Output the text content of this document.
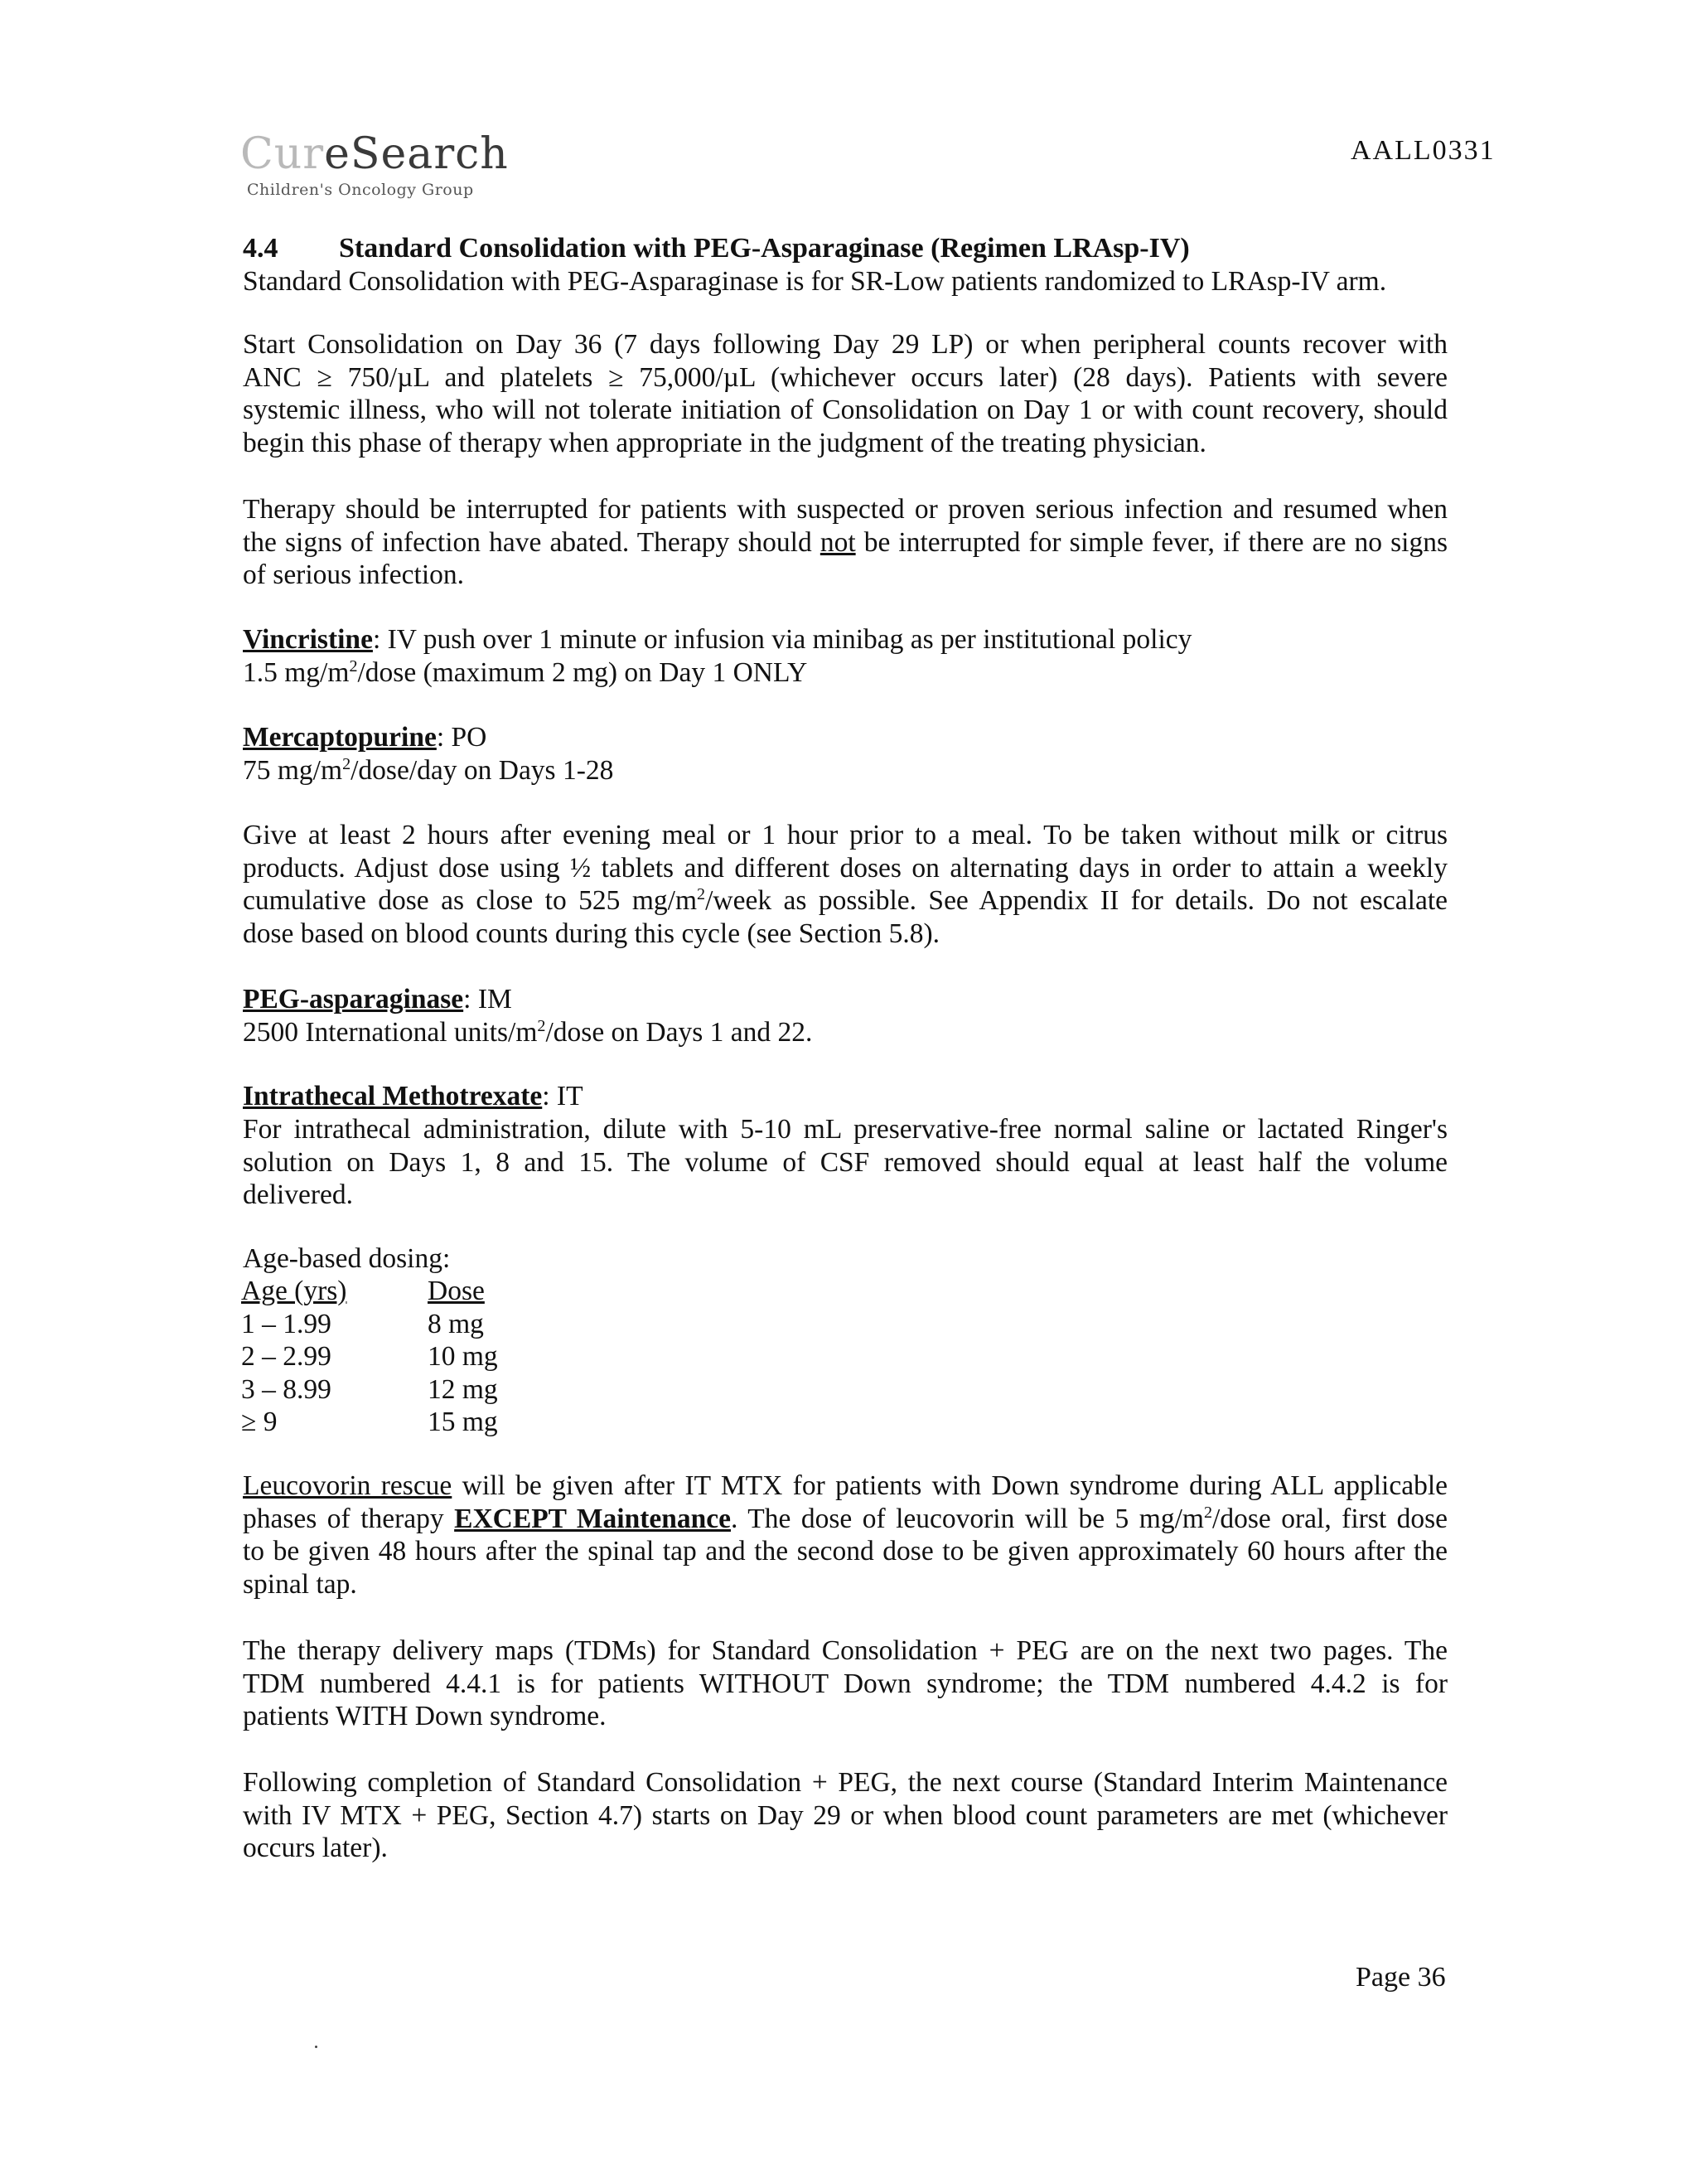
CureSearch
Children's Oncology Group
AALL0331
4.4 Standard Consolidation with PEG-Asparaginase (Regimen LRAsp-IV)
Standard Consolidation with PEG-Asparaginase is for SR-Low patients randomized to LRAsp-IV arm.
Start Consolidation on Day 36 (7 days following Day 29 LP) or when peripheral counts recover with
ANC ≥ 750/µL and platelets ≥ 75,000/µL (whichever occurs later) (28 days). Patients with severe
systemic illness, who will not tolerate initiation of Consolidation on Day 1 or with count recovery, should
begin this phase of therapy when appropriate in the judgment of the treating physician.
Therapy should be interrupted for patients with suspected or proven serious infection and resumed when
the signs of infection have abated. Therapy should not be interrupted for simple fever, if there are no signs
of serious infection.
Vincristine: IV push over 1 minute or infusion via minibag as per institutional policy
1.5 $mg/m^2$/dose (maximum 2 mg) on Day 1 ONLY
Mercaptopurine: PO
75 $mg/m^2/dose$/day on Days 1-28
Give at least 2 hours after evening meal or 1 hour prior to a meal. To be taken without milk or citrus
products. Adjust dose using ½ tablets and different doses on alternating days in order to attain a weekly
cumulative dose as close to 525 $mg/m^2$/week as possible. See Appendix II for details. Do not escalate
dose based on blood counts during this cycle (see Section 5.8).
PEG-asparaginase: IM
2500 International units/$m^2$/dose on Days 1 and 22.
Intrathecal Methotrexate: IT
For intrathecal administration, dilute with 5-10 mL preservative-free normal saline or lactated Ringer's
solution on Days 1, 8 and 15. The volume of CSF removed should equal at least half the volume
delivered.
Age-based dosing:
Age (yrs)	Dose
1 – 1.99	8 mg
2 – 2.99	10 mg
3 – 8.99	12 mg
≥ 9	15 mg
Leucovorin rescue will be given after IT MTX for patients with Down syndrome during ALL applicable
phases of therapy EXCEPT Maintenance. The dose of leucovorin will be 5 $mg/m^2$/dose oral, first dose
to be given 48 hours after the spinal tap and the second dose to be given approximately 60 hours after the
spinal tap.
The therapy delivery maps (TDMs) for Standard Consolidation + PEG are on the next two pages. The
TDM numbered 4.4.1 is for patients WITHOUT Down syndrome; the TDM numbered 4.4.2 is for
patients WITH Down syndrome.
Following completion of Standard Consolidation + PEG, the next course (Standard Interim Maintenance
with IV MTX + PEG, Section 4.7) starts on Day 29 or when blood count parameters are met (whichever
occurs later).
Page 36
